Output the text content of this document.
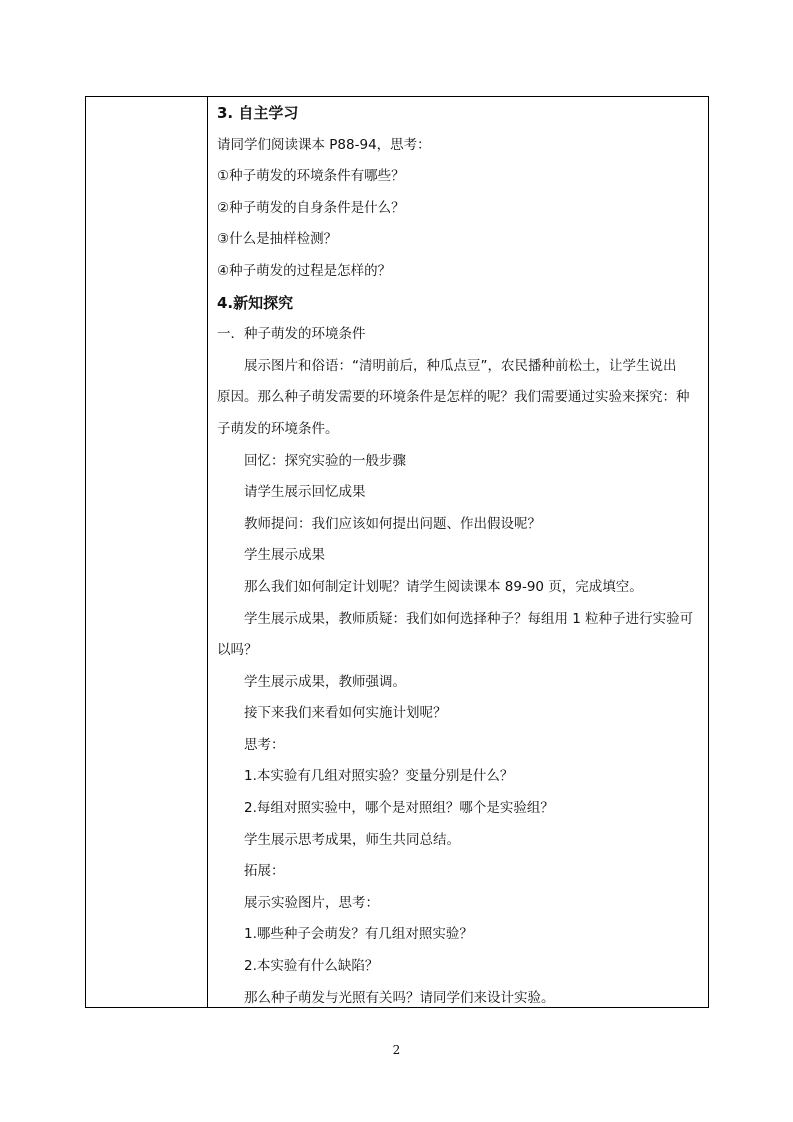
3. 自主学习
请同学们阅读课本 P88-94，思考：
①种子萌发的环境条件有哪些？
②种子萌发的自身条件是什么？
③什么是抽样检测？
④种子萌发的过程是怎样的？
4.新知探究
一．种子萌发的环境条件
展示图片和俗语：“清明前后，种瓜点豆”，农民播种前松土，让学生说出
原因。那么种子萌发需要的环境条件是怎样的呢？我们需要通过实验来探究：种
子萌发的环境条件。
回忆：探究实验的一般步骤
请学生展示回忆成果
教师提问：我们应该如何提出问题、作出假设呢？
学生展示成果
那么我们如何制定计划呢？请学生阅读课本 89-90 页，完成填空。
学生展示成果，教师质疑：我们如何选择种子？每组用 1 粒种子进行实验可
以吗？
学生展示成果，教师强调。
接下来我们来看如何实施计划呢？
思考：
1.本实验有几组对照实验？变量分别是什么？
2.每组对照实验中，哪个是对照组？哪个是实验组？
学生展示思考成果，师生共同总结。
拓展：
展示实验图片，思考：
1.哪些种子会萌发？有几组对照实验？
2.本实验有什么缺陷？
那么种子萌发与光照有关吗？请同学们来设计实验。
2
